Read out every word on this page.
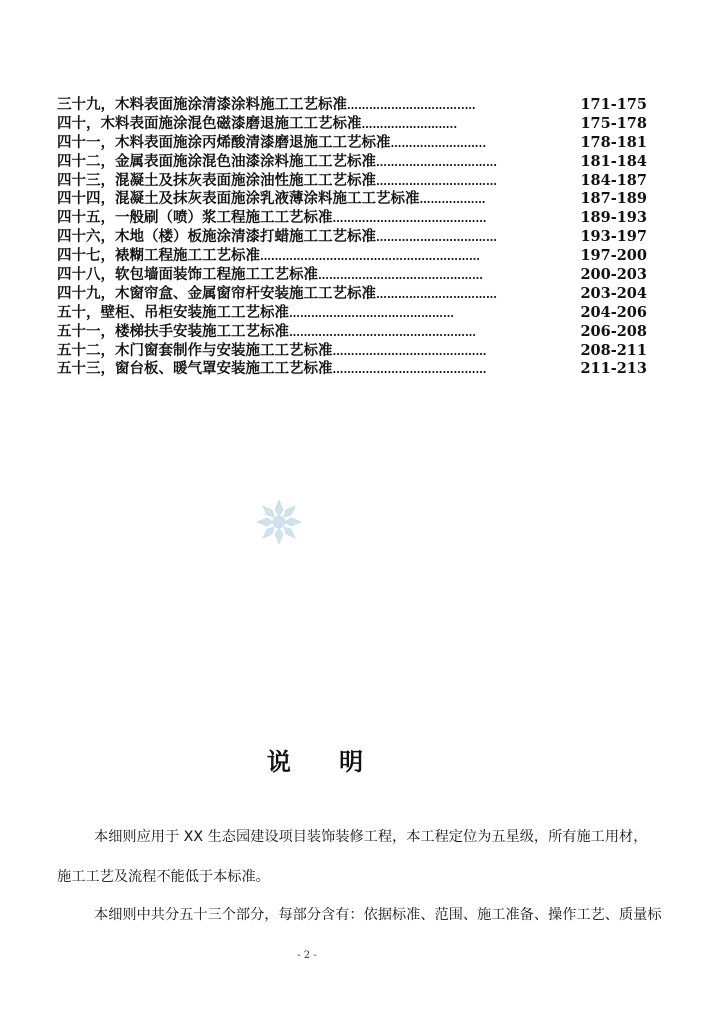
三十九， 木料表面施涂清漆涂料施工工艺标准 …………………………..…	171-175
四十， 木料表面施涂混色磁漆磨退施工工艺标准 ……………………..	175-178
四十一， 木料表面施涂丙烯酸清漆磨退施工工艺标准 ……………………..	178-181
四十二， 金属表面施涂混色油漆涂料施工工艺标准 ……………………………	181-184
四十三， 混凝土及抹灰表面施涂油性施工工艺标准 ……………………………	184-187
四十四， 混凝土及抹灰表面施涂乳液薄涂料施工工艺标准 ………………	187-189
四十五， 一般刷（喷）浆工程施工工艺标准 ……………………………………	189-193
四十六， 木地（楼）板施涂清漆打蜡施工工艺标准 ……………………………	193-197
四十七， 裱糊工程施工工艺标准 ……………………………………………………	197-200
四十八， 软包墙面装饰工程施工工艺标准 ………………………………………	200-203
四十九， 木窗帘盒、金属窗帘杆安装施工工艺标准 ……………………………	203-204
五十， 壁柜、吊柜安装施工工艺标准 ………………………………………	204-206
五十一， 楼梯扶手安装施工工艺标准 ……………………………………………	206-208
五十二， 木门窗套制作与安装施工工艺标准 ……………………………………	208-211
五十三， 窗台板、暖气罩安装施工工艺标准 ……………………………………	211-213
说 明
本细则应用于 XX 生态园建设项目装饰装修工程，本工程定位为五星级，所有施工用材，
施工工艺及流程不能低于本标准。
本细则中共分五十三个部分，每部分含有：依据标准、范围、施工准备、操作工艺、质量标
- 2 -
